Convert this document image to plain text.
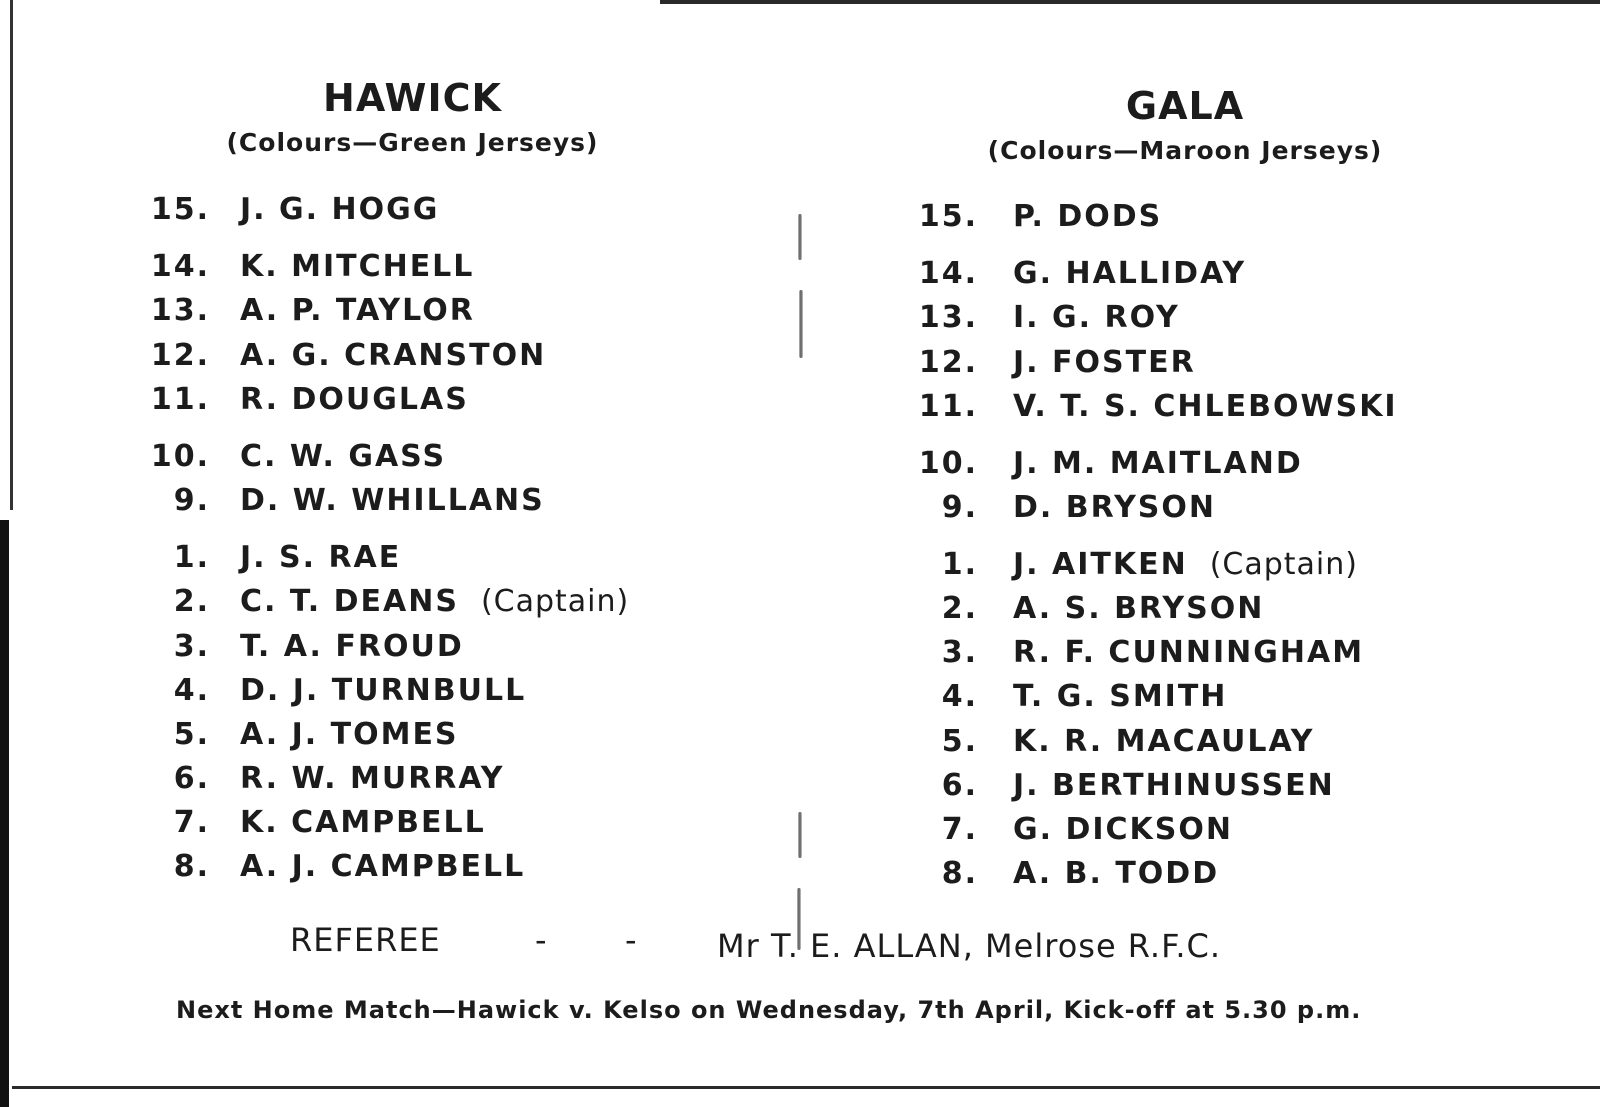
HAWICK
(Colours—Green Jerseys)
GALA
(Colours—Maroon Jerseys)
15. J. G. HOGG
14. K. MITCHELL
13. A. P. TAYLOR
12. A. G. CRANSTON
11. R. DOUGLAS
10. C. W. GASS
9. D. W. WHILLANS
1. J. S. RAE
2. C. T. DEANS (Captain)
3. T. A. FROUD
4. D. J. TURNBULL
5. A. J. TOMES
6. R. W. MURRAY
7. K. CAMPBELL
8. A. J. CAMPBELL
15. P. DODS
14. G. HALLIDAY
13. I. G. ROY
12. J. FOSTER
11. V. T. S. CHLEBOWSKI
10. J. M. MAITLAND
9. D. BRYSON
1. J. AITKEN (Captain)
2. A. S. BRYSON
3. R. F. CUNNINGHAM
4. T. G. SMITH
5. K. R. MACAULAY
6. J. BERTHINUSSEN
7. G. DICKSON
8. A. B. TODD
REFEREE	- - Mr T. E. ALLAN, Melrose R.F.C.
Next Home Match—Hawick v. Kelso on Wednesday, 7th April, Kick-off at 5.30 p.m.
